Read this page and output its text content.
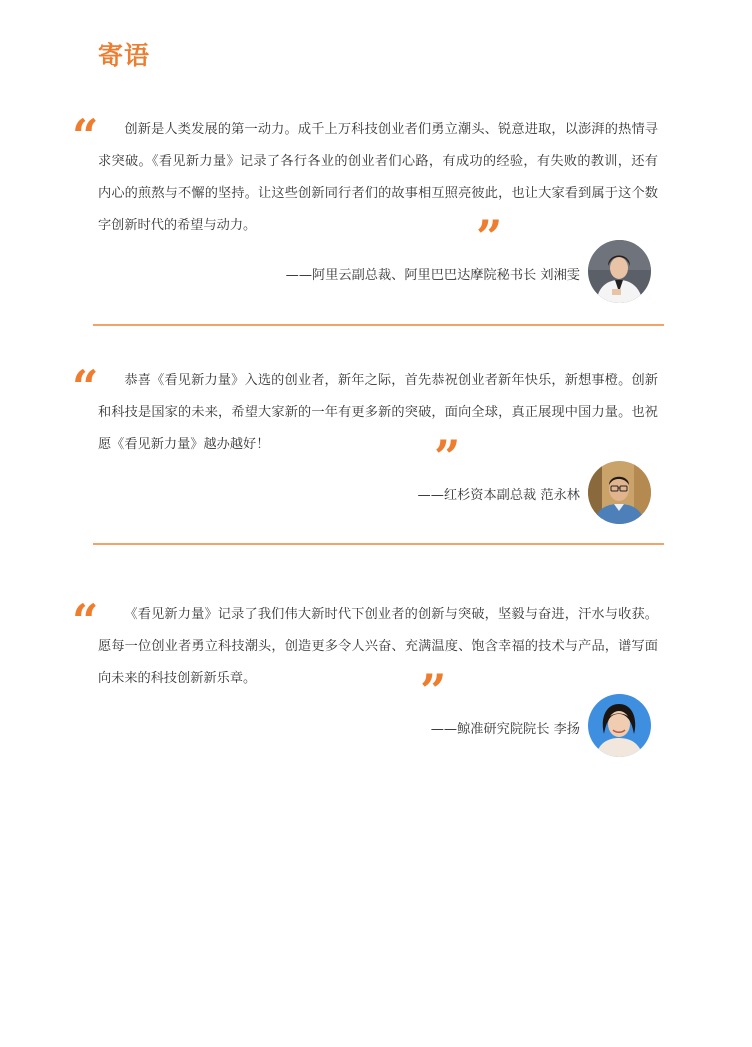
寄语
“	创新是人类发展的第一动力。成千上万科技创业者们勇立潮头、锐意进取，以澎湃的热情寻求突破。《看见新力量》记录了各行各业的创业者们心路，有成功的经验，有失败的教训，还有内心的煎熬与不懈的坚持。让这些创新同行者们的故事相互照亮彼此，也让大家看到属于这个数字创新时代的希望与动力。	”
——阿里云副总裁、阿里巴巴达摩院秘书长 刘湘雯
“	恭喜《看见新力量》入选的创业者，新年之际，首先恭祝创业者新年快乐，新想事橙。创新和科技是国家的未来，希望大家新的一年有更多新的突破，面向全球，真正展现中国力量。也祝愿《看见新力量》越办越好！	”
——红杉资本副总裁 范永林
“	《看见新力量》记录了我们伟大新时代下创业者的创新与突破，坚毅与奋进，汗水与收获。愿每一位创业者勇立科技潮头，创造更多令人兴奋、充满温度、饱含幸福的技术与产品，谱写面向未来的科技创新新乐章。	”
——鲸准研究院院长 李扬
